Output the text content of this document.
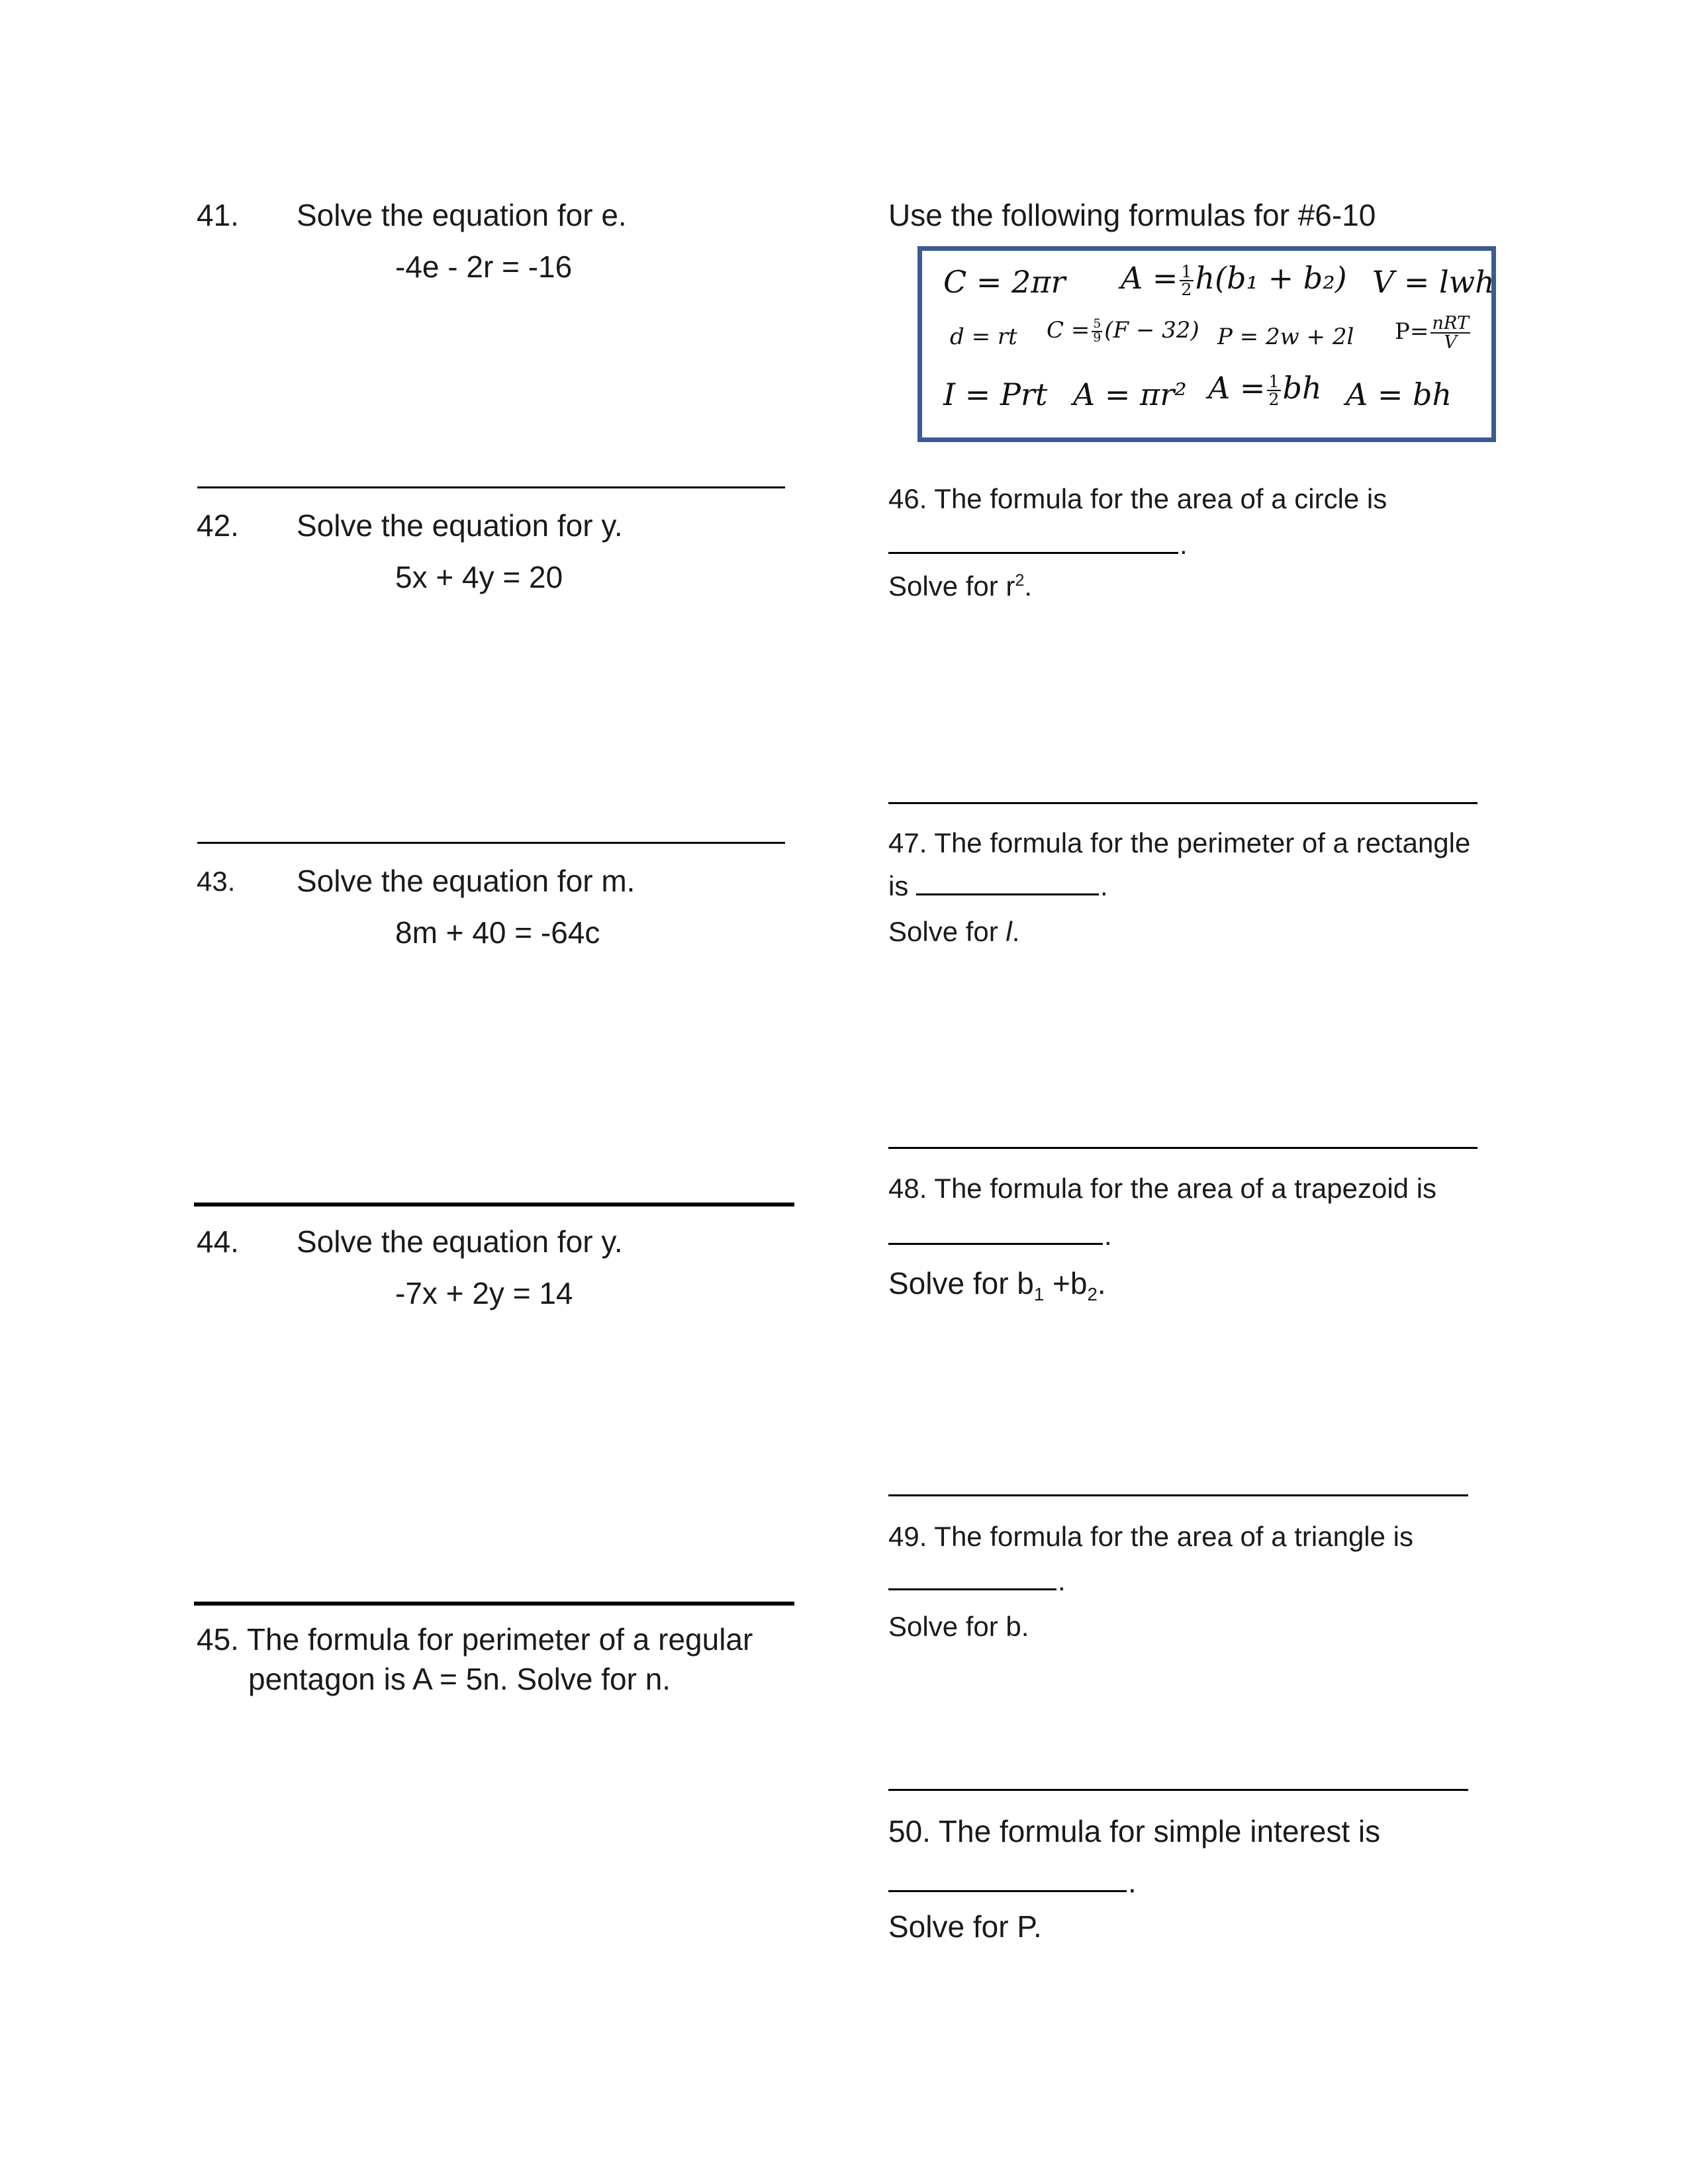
41. Solve the equation for e.
-4e - 2r = -16
42. Solve the equation for y.
5x + 4y = 20
43. Solve the equation for m.
8m + 40 = -64c
44. Solve the equation for y.
-7x + 2y = 14
45. The formula for perimeter of a regular
pentagon is A = 5n. Solve for n.
Use the following formulas for #6-10
C = 2πr $A = \frac{1}{2} h(b_1 + b_2) V$ = lwh
d = rt $C = \frac{5}{9} (F - 32) P = 2w + 2l$ $P= \frac{\text{nRT}}{V}$
I = Prt A = πr² $A = \frac{1}{2}$ bh A = bh
46. The formula for the area of a circle is
.
Solve for $r^2$.
47. The formula for the perimeter of a rectangle
is	.
Solve for l.
48. The formula for the area of a trapezoid is
.
Solve for $b_1 +b_2$.
49. The formula for the area of a triangle is
.
Solve for b.
50. The formula for simple interest is
.
Solve for P.
